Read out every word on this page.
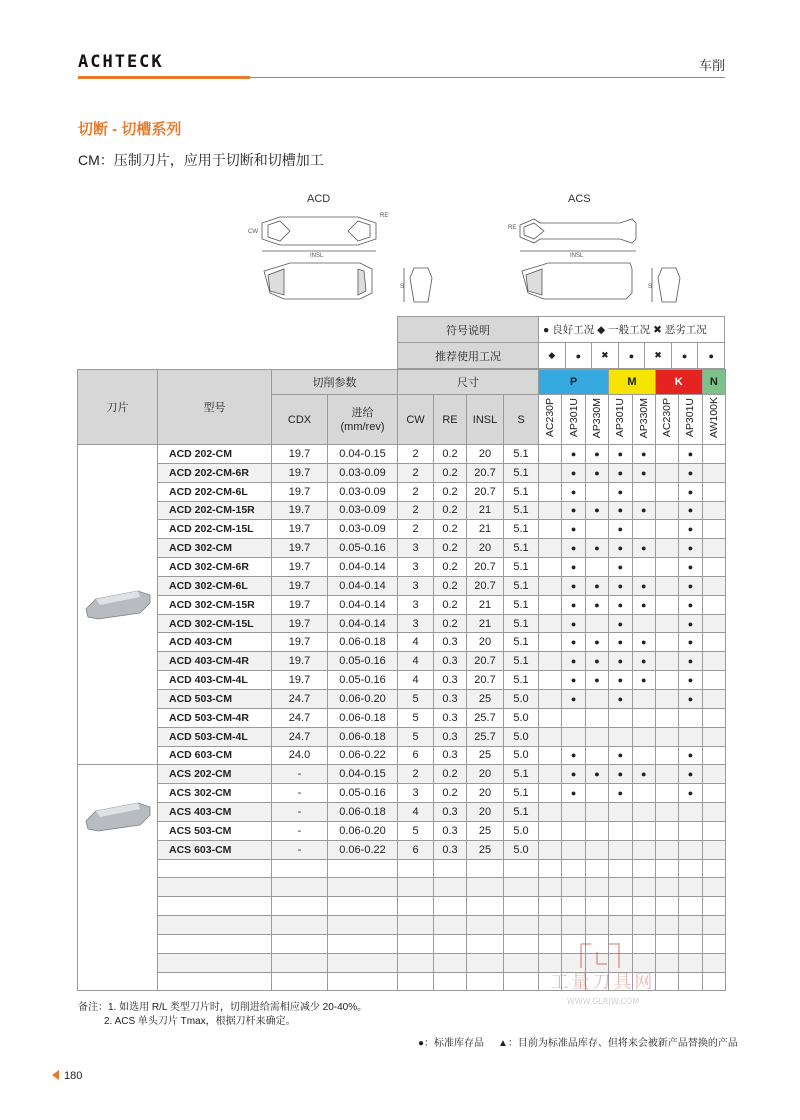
ACHTECK	车削
切断 - 切槽系列
CM：压制刀片，应用于切断和切槽加工
ACD	ACS
INSL
CW
RE
S
INSL
RE
S
符号说明	● 良好工况 ◆ 一般工况 ✖ 恶劣工况						
推荐使用工况	◆	●	✖	●	✖	●	●
刀片	型号	切削参数		尺寸				P			M		K		N
		CDX	进给
(mm/rev)	CW	RE	INSL	S	AC230P	AP301U	AP330M	AP301U	AP330M	AC230P	AP301U	AW100K
	ACD 202-CM	19.7	0.04-0.15	2	0.2	20	5.1		●	●	●	●		●	
	ACD 202-CM-6R	19.7	0.03-0.09	2	0.2	20.7	5.1		●	●	●	●		●	
	ACD 202-CM-6L	19.7	0.03-0.09	2	0.2	20.7	5.1		●		●			●	
	ACD 202-CM-15R	19.7	0.03-0.09	2	0.2	21	5.1		●	●	●	●		●	
	ACD 202-CM-15L	19.7	0.03-0.09	2	0.2	21	5.1		●		●			●	
	ACD 302-CM	19.7	0.05-0.16	3	0.2	20	5.1		●	●	●	●		●	
	ACD 302-CM-6R	19.7	0.04-0.14	3	0.2	20.7	5.1		●		●			●	
	ACD 302-CM-6L	19.7	0.04-0.14	3	0.2	20.7	5.1		●	●	●	●		●	
	ACD 302-CM-15R	19.7	0.04-0.14	3	0.2	21	5.1		●	●	●	●		●	
	ACD 302-CM-15L	19.7	0.04-0.14	3	0.2	21	5.1		●		●			●	
	ACD 403-CM	19.7	0.06-0.18	4	0.3	20	5.1		●	●	●	●		●	
	ACD 403-CM-4R	19.7	0.05-0.16	4	0.3	20.7	5.1		●	●	●	●		●	
	ACD 403-CM-4L	19.7	0.05-0.16	4	0.3	20.7	5.1		●	●	●	●		●	
	ACD 503-CM	24.7	0.06-0.20	5	0.3	25	5.0		●		●			●	
	ACD 503-CM-4R	24.7	0.06-0.18	5	0.3	25.7	5.0								
	ACD 503-CM-4L	24.7	0.06-0.18	5	0.3	25.7	5.0								
	ACD 603-CM	24.0	0.06-0.22	6	0.3	25	5.0		●		●			●	
	ACS 202-CM	-	0.04-0.15	2	0.2	20	5.1		●	●	●	●		●	
	ACS 302-CM	-	0.05-0.16	3	0.2	20	5.1		●		●			●	
	ACS 403-CM	-	0.06-0.18	4	0.3	20	5.1								
	ACS 503-CM	-	0.06-0.20	5	0.3	25	5.0								
	ACS 603-CM	-	0.06-0.22	6	0.3	25	5.0								

工量刀具网
WWW.GLRJW.COM
备注：1. 如选用 R/L 类型刀片时，切削进给需相应减少 20-40%。
2. ACS 单头刀片 Tmax，根据刀杆来确定。
●：标准库存品 ▲：目前为标准品库存、但将来会被新产品替换的产品
180
